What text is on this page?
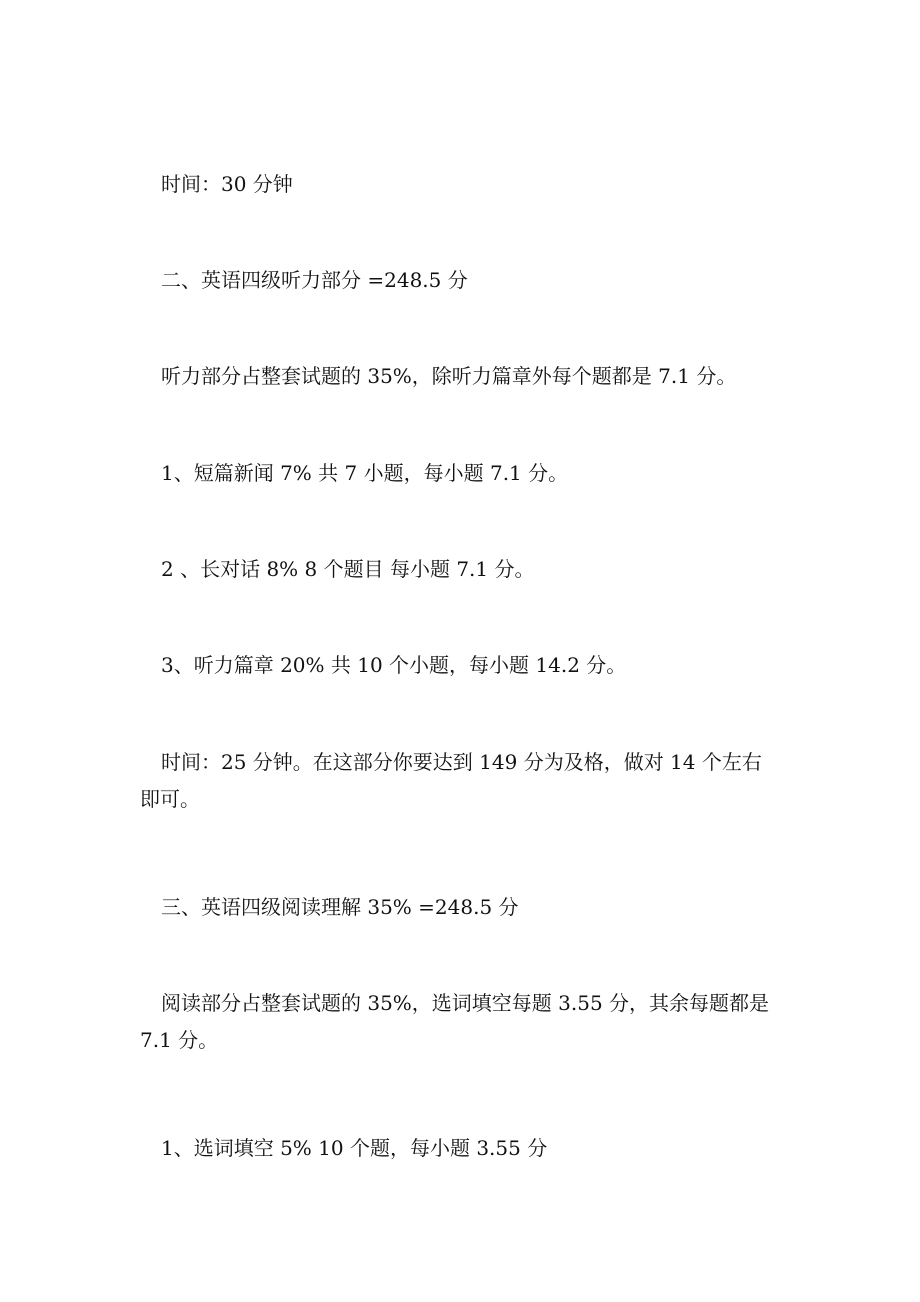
时间：30 分钟
二、英语四级听力部分 =248.5 分
听力部分占整套试题的 35%，除听力篇章外每个题都是 7.1 分。
1、短篇新闻 7% 共 7 小题，每小题 7.1 分。
2 、长对话 8% 8 个题目 每小题 7.1 分。
3、听力篇章 20% 共 10 个小题，每小题 14.2 分。
时间：25 分钟。在这部分你要达到 149 分为及格，做对 14 个左右即可。
三、英语四级阅读理解 35% =248.5 分
阅读部分占整套试题的 35%，选词填空每题 3.55 分，其余每题都是 7.1 分。
1、选词填空 5% 10 个题，每小题 3.55 分
